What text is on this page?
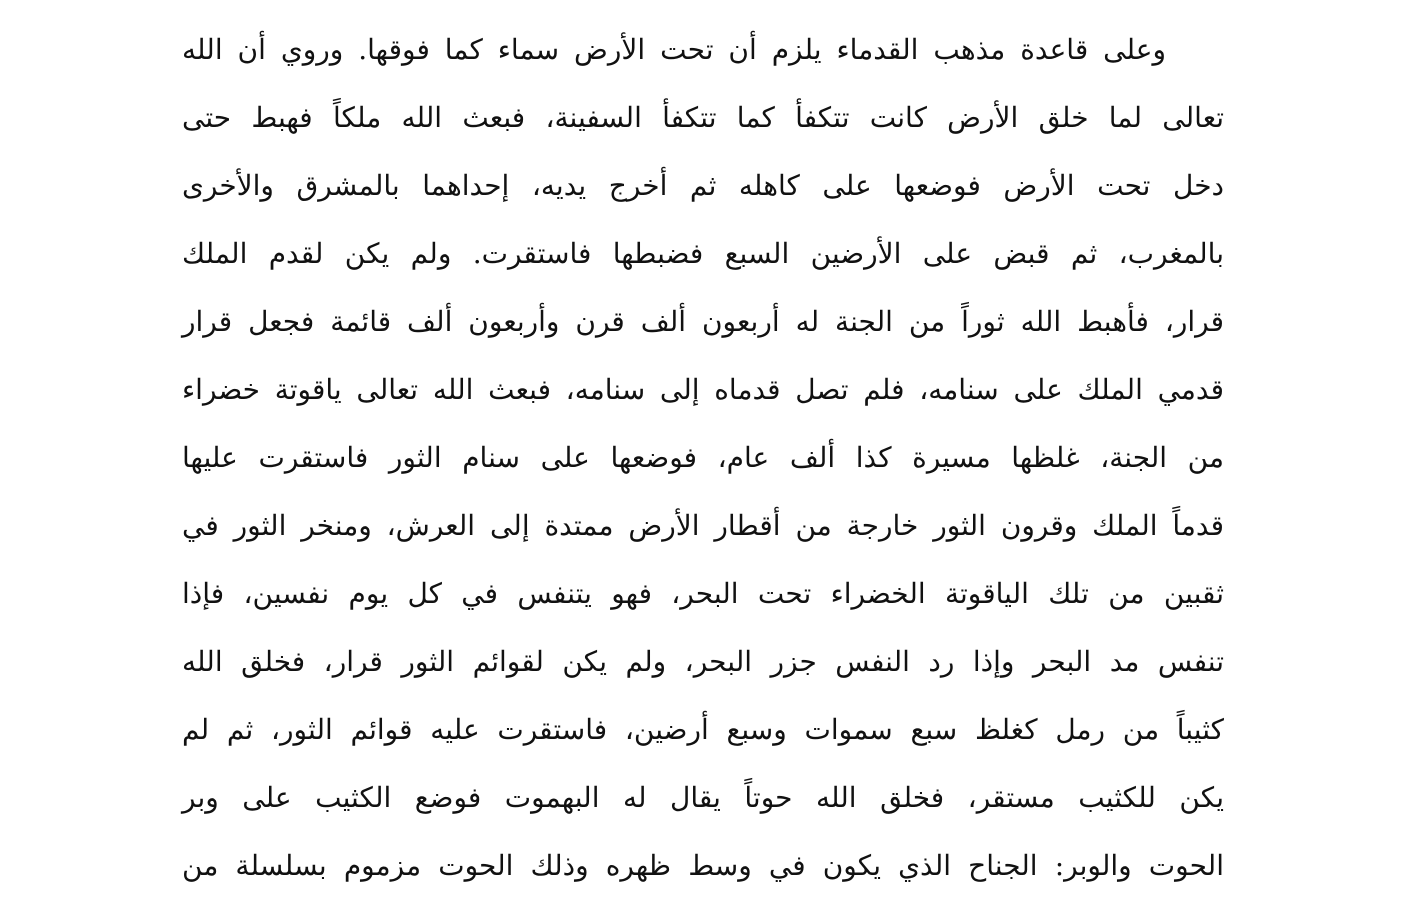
وعلى قاعدة مذهب القدماء يلزم أن تحت الأرض سماء كما فوقها. وروي أن الله
تعالى لما خلق الأرض كانت تتكفأ كما تتكفأ السفينة، فبعث الله ملكاً فهبط حتى
دخل تحت الأرض فوضعها على كاهله ثم أخرج يديه، إحداهما بالمشرق والأخرى
بالمغرب، ثم قبض على الأرضين السبع فضبطها فاستقرت. ولم يكن لقدم الملك
قرار، فأهبط الله ثوراً من الجنة له أربعون ألف قرن وأربعون ألف قائمة فجعل قرار
قدمي الملك على سنامه، فلم تصل قدماه إلى سنامه، فبعث الله تعالى ياقوتة خضراء
من الجنة، غلظها مسيرة كذا ألف عام، فوضعها على سنام الثور فاستقرت عليها
قدماً الملك وقرون الثور خارجة من أقطار الأرض ممتدة إلى العرش، ومنخر الثور في
ثقبين من تلك الياقوتة الخضراء تحت البحر، فهو يتنفس في كل يوم نفسين، فإذا
تنفس مد البحر وإذا رد النفس جزر البحر، ولم يكن لقوائم الثور قرار، فخلق الله
كثيباً من رمل كغلظ سبع سموات وسبع أرضين، فاستقرت عليه قوائم الثور، ثم لم
يكن للكثيب مستقر، فخلق الله حوتاً يقال له البهموت فوضع الكثيب على وبر
الحوت والوبر: الجناح الذي يكون في وسط ظهره وذلك الحوت مزموم بسلسلة من
